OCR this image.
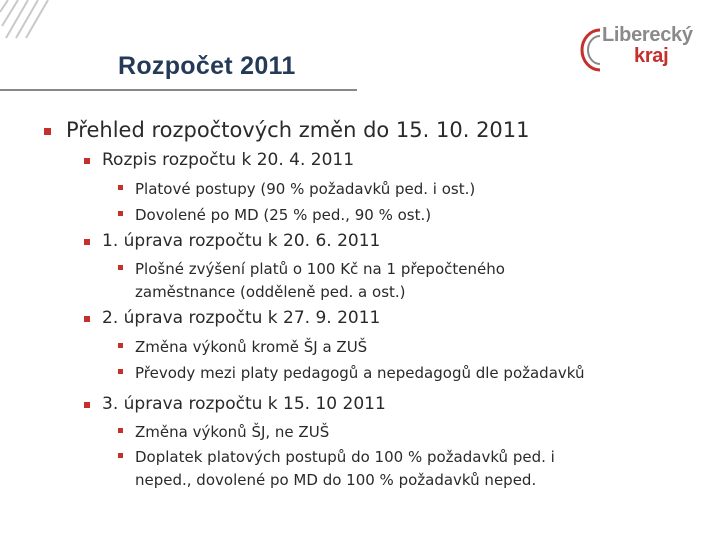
Rozpočet 2011
Liberecký
kraj
Přehled rozpočtových změn do 15. 10. 2011
Rozpis rozpočtu k 20. 4. 2011
Platové postupy (90 % požadavků ped. i ost.)
Dovolené po MD (25 % ped., 90 % ost.)
1. úprava rozpočtu k 20. 6. 2011
Plošné zvýšení platů o 100 Kč na 1 přepočteného
zaměstnance (odděleně ped. a ost.)
2. úprava rozpočtu k 27. 9. 2011
Změna výkonů kromě ŠJ a ZUŠ
Převody mezi platy pedagogů a nepedagogů dle požadavků
3. úprava rozpočtu k 15. 10 2011
Změna výkonů ŠJ, ne ZUŠ
Doplatek platových postupů do 100 % požadavků ped. i
neped., dovolené po MD do 100 % požadavků neped.
